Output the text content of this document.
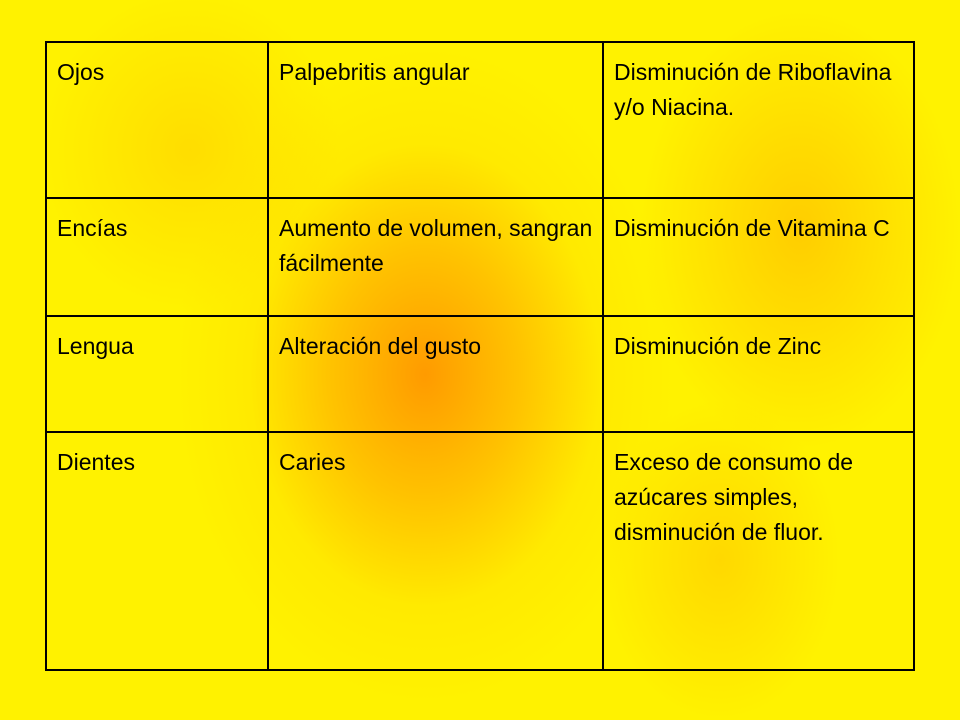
Ojos	Palpebritis angular	Disminución de Riboflavina y/o Niacina.
Encías	Aumento de volumen, sangran fácilmente	Disminución de Vitamina C
Lengua	Alteración del gusto	Disminución de Zinc
Dientes	Caries	Exceso de consumo de azúcares simples, disminución de fluor.
